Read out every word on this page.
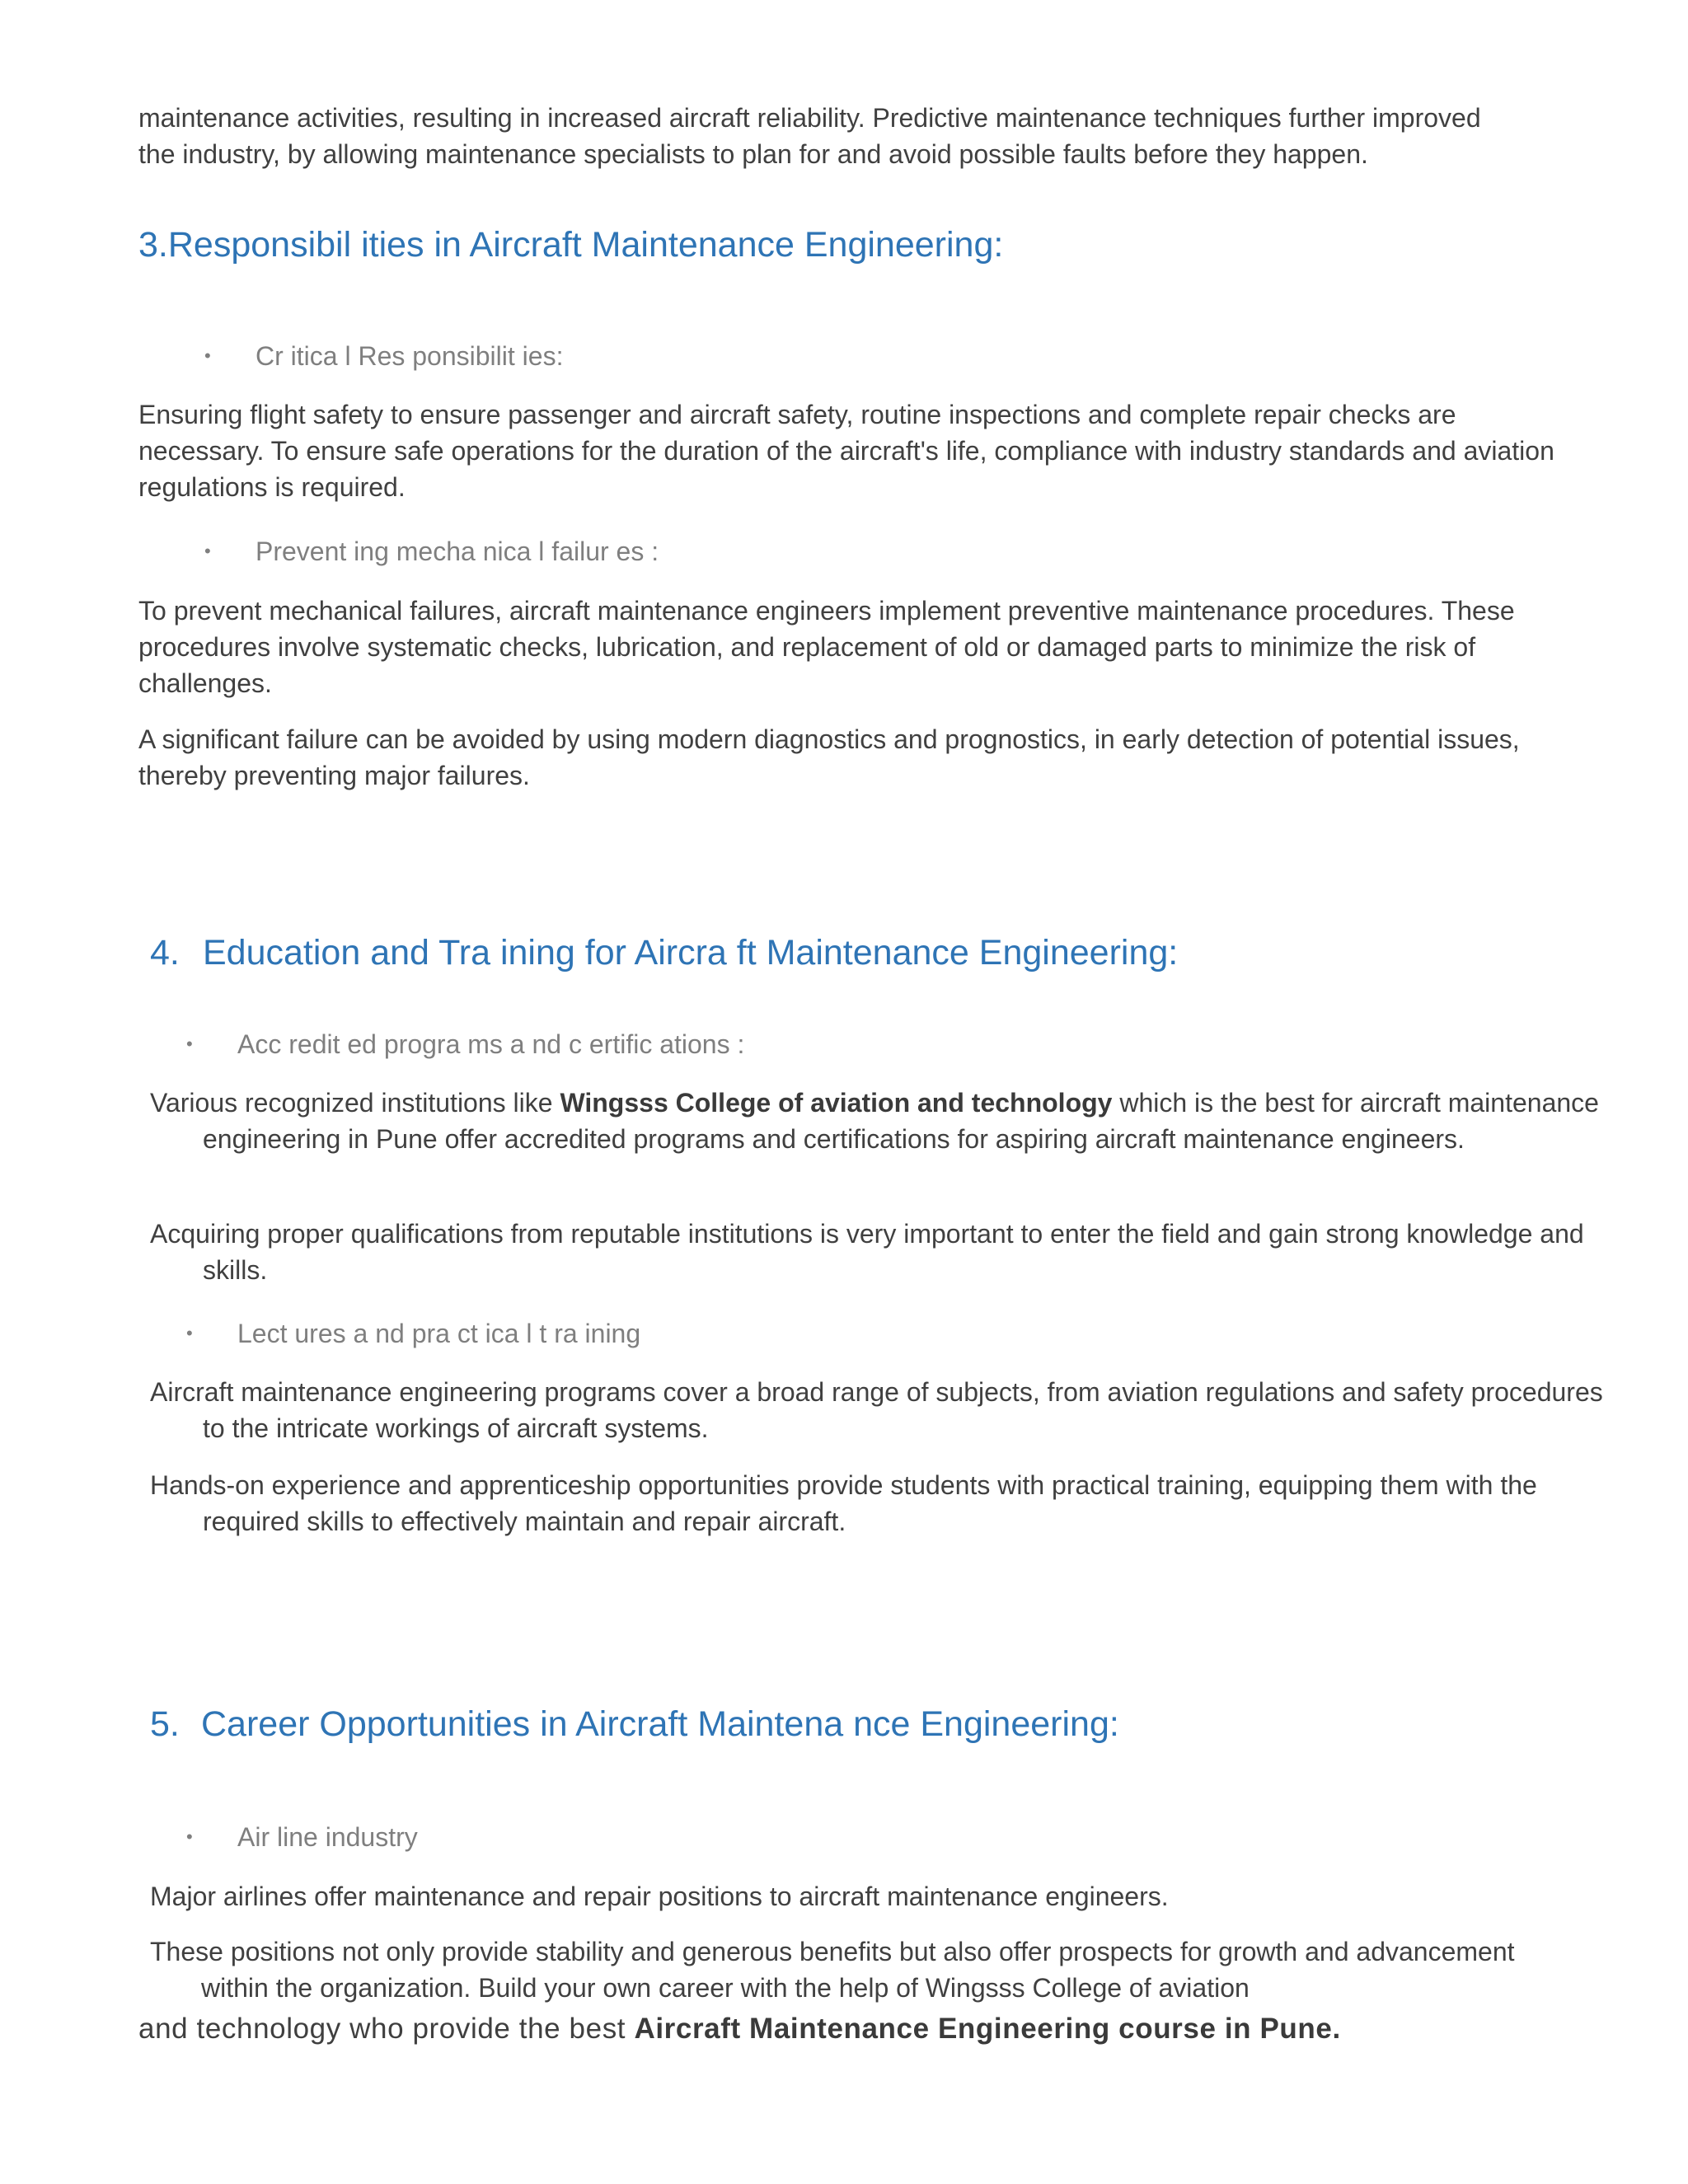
maintenance activities, resulting in increased aircraft reliability. Predictive maintenance techniques further improved
the industry, by allowing maintenance specialists to plan for and avoid possible faults before they happen.

3.Responsibil ities in Aircraft Maintenance Engineering:
• Cr itica l Res ponsibilit ies:

Ensuring flight safety to ensure passenger and aircraft safety, routine inspections and complete repair checks are necessary. To ensure safe operations for the duration of the aircraft's life, compliance with industry standards and aviation regulations is required.

• Prevent ing mecha nica l failur es :

To prevent mechanical failures, aircraft maintenance engineers implement preventive maintenance procedures. These procedures involve systematic checks, lubrication, and replacement of old or damaged parts to minimize the risk of challenges.

A significant failure can be avoided by using modern diagnostics and prognostics, in early detection of potential issues, thereby preventing major failures.

4. Education and Tra ining for Aircra ft Maintenance Engineering:
• Acc redit ed progra ms a nd c ertific ations :

Various recognized institutions like Wingsss College of aviation and technology which is the best for aircraft maintenance engineering in Pune offer accredited programs and certifications for aspiring aircraft maintenance engineers.

Acquiring proper qualifications from reputable institutions is very important to enter the field and gain strong knowledge and skills.

• Lect ures a nd pra ct ica l t ra ining

Aircraft maintenance engineering programs cover a broad range of subjects, from aviation regulations and safety procedures to the intricate workings of aircraft systems.

Hands-on experience and apprenticeship opportunities provide students with practical training, equipping them with the required skills to effectively maintain and repair aircraft.

5. Career Opportunities in Aircraft Maintena nce Engineering:
• Air line industry

Major airlines offer maintenance and repair positions to aircraft maintenance engineers.

These positions not only provide stability and generous benefits but also offer prospects for growth and advancement within the organization. Build your own career with the help of Wingsss College of aviation

and technology who provide the best Aircraft Maintenance Engineering course in Pune.
